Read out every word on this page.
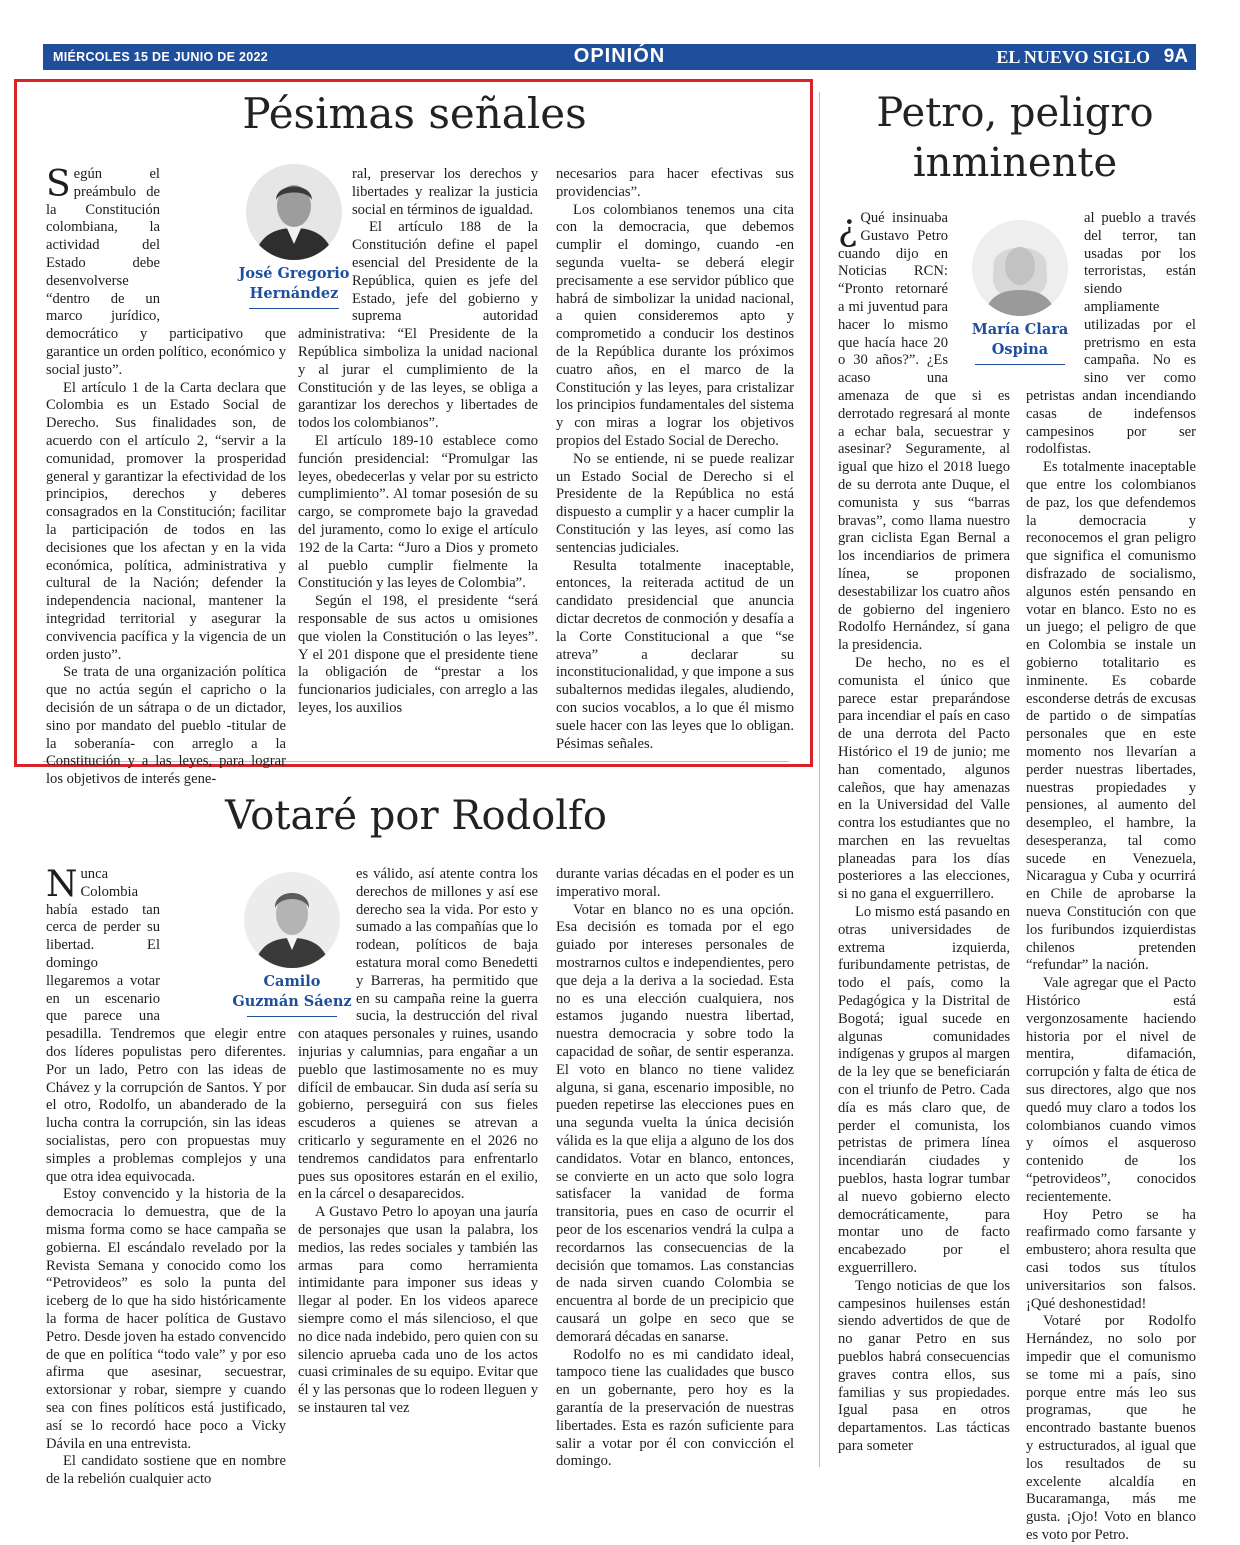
MIÉRCOLES 15 DE JUNIO DE 2022	OPINIÓN	EL NUEVO SIGLO 9A
Pésimas señales

Según el preámbulo de la Constitución colombiana, la actividad del Estado debe desenvolverse “dentro de un marco jurídico, democrático y participativo que garantice un orden político, económico y social justo”.

El artículo 1 de la Carta declara que Colombia es un Estado Social de Derecho. Sus finalidades son, de acuerdo con el artículo 2, “servir a la comunidad, promover la prosperidad general y garantizar la efectividad de los principios, derechos y deberes consagrados en la Constitución; facilitar la participación de todos en las decisiones que los afectan y en la vida económica, política, administrativa y cultural de la Nación; defender la independencia nacional, mantener la integridad territorial y asegurar la convivencia pacífica y la vigencia de un orden justo”.

Se trata de una organización política que no actúa según el capricho o la decisión de un sátrapa o de un dictador, sino por mandato del pueblo -titular de la soberanía- con arreglo a la Constitución y a las leyes, para lograr los objetivos de interés gene-

ral, preservar los derechos y libertades y realizar la justicia social en términos de igualdad.

El artículo 188 de la Constitución define el papel esencial del Presidente de la República, quien es jefe del Estado, jefe del gobierno y suprema autoridad administrativa: “El Presidente de la República simboliza la unidad nacional y al jurar el cumplimiento de la Constitución y de las leyes, se obliga a garantizar los derechos y libertades de todos los colombianos”.

El artículo 189-10 establece como función presidencial: “Promulgar las leyes, obedecerlas y velar por su estricto cumplimiento”. Al tomar posesión de su cargo, se compromete bajo la gravedad del juramento, como lo exige el artículo 192 de la Carta: “Juro a Dios y prometo al pueblo cumplir fielmente la Constitución y las leyes de Colombia”.

Según el 198, el presidente “será responsable de sus actos u omisiones que violen la Constitución o las leyes”. Y el 201 dispone que el presidente tiene la obligación de “prestar a los funcionarios judiciales, con arreglo a las leyes, los auxilios

necesarios para hacer efectivas sus providencias”.

Los colombianos tenemos una cita con la democracia, que debemos cumplir el domingo, cuando -en segunda vuelta- se deberá elegir precisamente a ese servidor público que habrá de simbolizar la unidad nacional, a quien consideremos apto y comprometido a conducir los destinos de la República durante los próximos cuatro años, en el marco de la Constitución y las leyes, para cristalizar los principios fundamentales del sistema y con miras a lograr los objetivos propios del Estado Social de Derecho.

No se entiende, ni se puede realizar un Estado Social de Derecho si el Presidente de la República no está dispuesto a cumplir y a hacer cumplir la Constitución y las leyes, así como las sentencias judiciales.

Resulta totalmente inaceptable, entonces, la reiterada actitud de un candidato presidencial que anuncia dictar decretos de conmoción y desafía a la Corte Constitucional a que “se atreva” a declarar su inconstitucionalidad, y que impone a sus subalternos medidas ilegales, aludiendo, con sucios vocablos, a lo que él mismo suele hacer con las leyes que lo obligan. Pésimas señales.

José Gregorio Hernández
Votaré por Rodolfo

Nunca Colombia había estado tan cerca de perder su libertad. El domingo llegaremos a votar en un escenario que parece una pesadilla. Tendremos que elegir entre dos líderes populistas pero diferentes. Por un lado, Petro con las ideas de Chávez y la corrupción de Santos. Y por el otro, Rodolfo, un abanderado de la lucha contra la corrupción, sin las ideas socialistas, pero con propuestas muy simples a problemas complejos y una que otra idea equivocada.

Estoy convencido y la historia de la democracia lo demuestra, que de la misma forma como se hace campaña se gobierna. El escándalo revelado por la Revista Semana y conocido como los “Petrovideos” es solo la punta del iceberg de lo que ha sido históricamente la forma de hacer política de Gustavo Petro. Desde joven ha estado convencido de que en política “todo vale” y por eso afirma que asesinar, secuestrar, extorsionar y robar, siempre y cuando sea con fines políticos está justificado, así se lo recordó hace poco a Vicky Dávila en una entrevista.

El candidato sostiene que en nombre de la rebelión cualquier acto

es válido, así atente contra los derechos de millones y así ese derecho sea la vida. Por esto y sumado a las compañías que lo rodean, políticos de baja estatura moral como Benedetti y Barreras, ha permitido que en su campaña reine la guerra sucia, la destrucción del rival con ataques personales y ruines, usando injurias y calumnias, para engañar a un pueblo que lastimosamente no es muy difícil de embaucar. Sin duda así sería su gobierno, perseguirá con sus fieles escuderos a quienes se atrevan a criticarlo y seguramente en el 2026 no tendremos candidatos para enfrentarlo pues sus opositores estarán en el exilio, en la cárcel o desaparecidos.

A Gustavo Petro lo apoyan una jauría de personajes que usan la palabra, los medios, las redes sociales y también las armas para como herramienta intimidante para imponer sus ideas y llegar al poder. En los videos aparece siempre como el más silencioso, el que no dice nada indebido, pero quien con su silencio aprueba cada uno de los actos cuasi criminales de su equipo. Evitar que él y las personas que lo rodeen lleguen y se instauren tal vez

durante varias décadas en el poder es un imperativo moral.

Votar en blanco no es una opción. Esa decisión es tomada por el ego guiado por intereses personales de mostrarnos cultos e independientes, pero que deja a la deriva a la sociedad. Esta no es una elección cualquiera, nos estamos jugando nuestra libertad, nuestra democracia y sobre todo la capacidad de soñar, de sentir esperanza. El voto en blanco no tiene validez alguna, si gana, escenario imposible, no pueden repetirse las elecciones pues en una segunda vuelta la única decisión válida es la que elija a alguno de los dos candidatos. Votar en blanco, entonces, se convierte en un acto que solo logra satisfacer la vanidad de forma transitoria, pues en caso de ocurrir el peor de los escenarios vendrá la culpa a recordarnos las consecuencias de la decisión que tomamos. Las constancias de nada sirven cuando Colombia se encuentra al borde de un precipicio que causará un golpe en seco que se demorará décadas en sanarse.

Rodolfo no es mi candidato ideal, tampoco tiene las cualidades que busco en un gobernante, pero hoy es la garantía de la preservación de nuestras libertades. Esta es razón suficiente para salir a votar por él con convicción el domingo.

Camilo Guzmán Sáenz
Petro, peligro
inminente

¿ Qué insinuaba Gustavo Petro cuando dijo en Noticias RCN: “Pronto retornaré a mi juventud para hacer lo mismo que hacía hace 20 o 30 años?”. ¿Es acaso una amenaza de que si es derrotado regresará al monte a echar bala, secuestrar y asesinar? Seguramente, al igual que hizo el 2018 luego de su derrota ante Duque, el comunista y sus “barras bravas”, como llama nuestro gran ciclista Egan Bernal a los incendiarios de primera línea, se proponen desestabilizar los cuatro años de gobierno del ingeniero Rodolfo Hernández, sí gana la presidencia.

De hecho, no es el comunista el único que parece estar preparándose para incendiar el país en caso de una derrota del Pacto Histórico el 19 de junio; me han comentado, algunos caleños, que hay amenazas en la Universidad del Valle contra los estudiantes que no marchen en las revueltas planeadas para los días posteriores a las elecciones, si no gana el exguerrillero.

Lo mismo está pasando en otras universidades de extrema izquierda, furibundamente petristas, de todo el país, como la Pedagógica y la Distrital de Bogotá; igual sucede en algunas comunidades indígenas y grupos al margen de la ley que se beneficiarán con el triunfo de Petro. Cada día es más claro que, de perder el comunista, los petristas de primera línea incendiarán ciudades y pueblos, hasta lograr tumbar al nuevo gobierno electo democráticamente, para montar uno de facto encabezado por el exguerrillero.

Tengo noticias de que los campesinos huilenses están siendo advertidos de que de no ganar Petro en sus pueblos habrá consecuencias graves contra ellos, sus familias y sus propiedades. Igual pasa en otros departamentos. Las tácticas para someter

al pueblo a través del terror, tan usadas por los terroristas, están siendo ampliamente utilizadas por el pretrismo en esta campaña. No es sino ver como petristas andan incendiando casas de indefensos campesinos por ser rodolfistas.

Es totalmente inaceptable que entre los colombianos de paz, los que defendemos la democracia y reconocemos el gran peligro que significa el comunismo disfrazado de socialismo, algunos estén pensando en votar en blanco. Esto no es un juego; el peligro de que en Colombia se instale un gobierno totalitario es inminente. Es cobarde esconderse detrás de excusas de partido o de simpatías personales que en este momento nos llevarían a perder nuestras libertades, nuestras propiedades y pensiones, al aumento del desempleo, el hambre, la desesperanza, tal como sucede en Venezuela, Nicaragua y Cuba y ocurrirá en Chile de aprobarse la nueva Constitución con que los furibundos izquierdistas chilenos pretenden “refundar” la nación.

Vale agregar que el Pacto Histórico está vergonzosamente haciendo historia por el nivel de mentira, difamación, corrupción y falta de ética de sus directores, algo que nos quedó muy claro a todos los colombianos cuando vimos y oímos el asqueroso contenido de los “petrovideos”, conocidos recientemente.

Hoy Petro se ha reafirmado como farsante y embustero; ahora resulta que casi todos sus títulos universitarios son falsos. ¡Qué deshonestidad!

Votaré por Rodolfo Hernández, no solo por impedir que el comunismo se tome mi a país, sino porque entre más leo sus programas, que he encontrado bastante buenos y estructurados, al igual que los resultados de su excelente alcaldía en Bucaramanga, más me gusta. ¡Ojo! Voto en blanco es voto por Petro.

María Clara Ospina
